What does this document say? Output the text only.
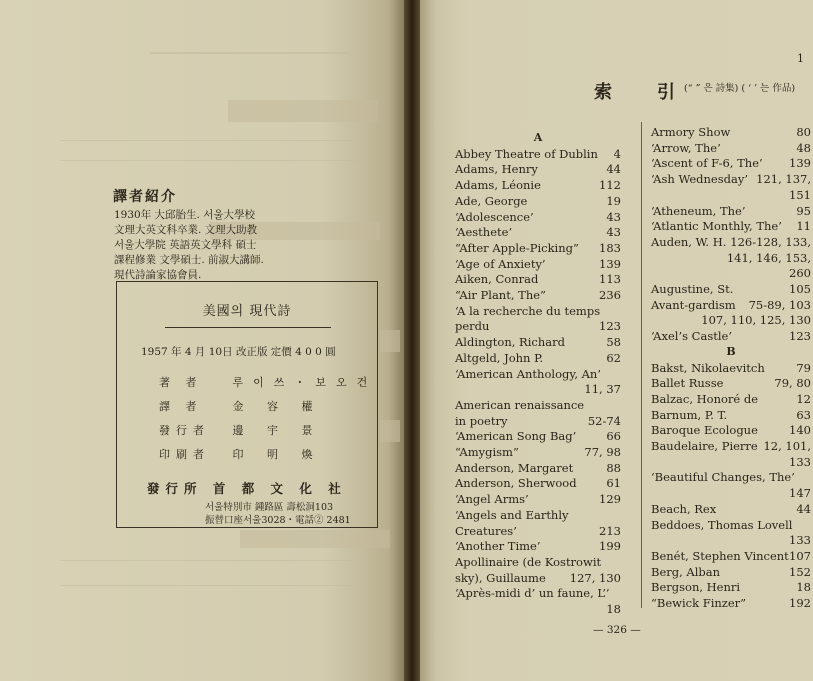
譯者紹介
1930年 大邱胎生. 서울大學校
文理大英文科卒業. 文理大助教
서울大學院 英語英文學科 碩士
課程修業 文學碩士. 前淑大講師.
現代詩論家協會員.
美國의 現代詩
1957 年 4 月 10日 改正版 定價 4 0 0 圓
著 者	루이쓰・보오건
譯 者	金 容 權
發行者 邊 宇 景
印刷者 印 明 煥
發行所 首 都 文 化 社
서울特別市 鍾路區 壽松洞103
振替口座서울3028・電話② 2481
1
索	引 (“ ” 은 詩集) ( ‘ ’ 는 作品)
A
Abbey Theatre of Dublin 4
Adams, Henry	44
Adams, Léonie	112
Ade, George	19
‘Adolescence’	43
‘Aesthete’	43
“After Apple-Picking” 183
‘Age of Anxiety’	139
Aiken, Conrad	113
“Air Plant, The”	236
‘A la recherche du temps
perdu	123
Aldington, Richard	58
Altgeld, John P.	62
‘American Anthology, An’
11, 37
American renaissance
in poetry	52-74
‘American Song Bag’	66
“Amygism”	77, 98
Anderson, Margaret	88
Anderson, Sherwood	61
‘Angel Arms’	129
‘Angels and Earthly
Creatures’	213
‘Another Time’	199
Apollinaire (de Kostrowit
sky), Guillaume 127, 130
‘Après-midi d’ un faune, L’’
18
Armory Show	80
‘Arrow, The’	48
‘Ascent of F-6, The’ 139
‘Ash Wednesday’ 121, 137,
151
‘Atheneum, The’	95
‘Atlantic Monthly, The’ 11
Auden, W. H. 126-128, 133,
141, 146, 153,
260
Augustine, St.	105
Avant-gardism 75-89, 103
107, 110, 125, 130
‘Axel’s Castle’	123
B
Bakst, Nikolaevitch	79
Ballet Russe	79, 80
Balzac, Honoré de	12
Barnum, P. T.	63
Baroque Ecologue	140
Baudelaire, Pierre 12, 101,
133
‘Beautiful Changes, The’
147
Beach, Rex	44
Beddoes, Thomas Lovell
133
Benét, Stephen Vincent 107
Berg, Alban	152
Bergson, Henri	18
“Bewick Finzer”	192
— 326 —
